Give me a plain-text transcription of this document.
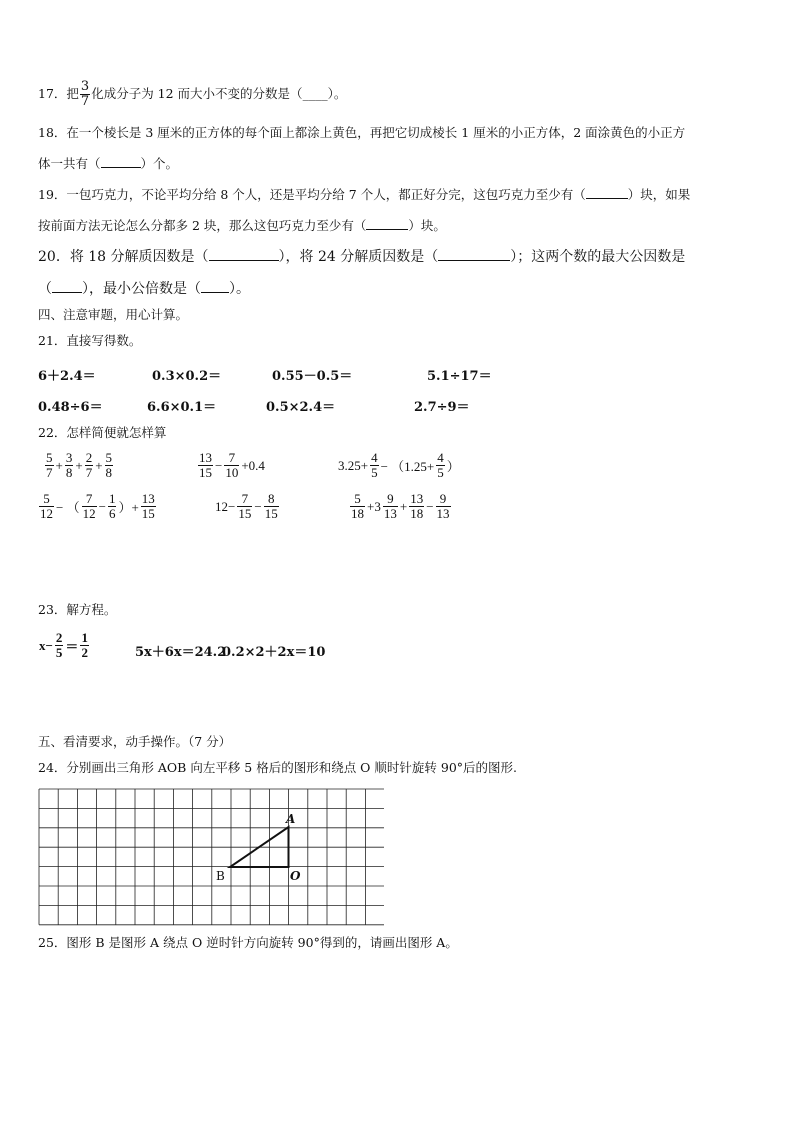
17．把 $\frac{3}{7}$ 化成分子为 12 而大小不变的分数是（____）。
18．在一个棱长是 3 厘米的正方体的每个面上都涂上黄色，再把它切成棱长 1 厘米的小正方体，2 面涂黄色的小正方
体一共有（	）个。
19．一包巧克力，不论平均分给 8 个人，还是平均分给 7 个人，都正好分完，这包巧克力至少有（	）块，如果
按前面方法无论怎么分都多 2 块，那么这包巧克力至少有（	）块。
20．将 18 分解质因数是（	），将 24 分解质因数是（	）；这两个数的最大公因数是
（ ），最小公倍数是（ ）。
四、注意审题，用心计算。
21．直接写得数。
6＋2.4＝	0.3×0.2＝	0.55－0.5＝	5.1÷17＝
0.48÷6＝	6.6×0.1＝	0.5×2.4＝	2.7÷9＝
22．怎样简便就怎样算
$\frac{5}{7} + \frac{3}{8} + \frac{2}{7} + \frac{5}{8}$	$\frac{13}{15} - \frac{7}{10} +0.4$	$3.25+ \frac{4}{5} - (1.25+ \frac{4}{5}$ ）
$\frac{5}{12}$ − （ $\frac{7}{12} - \frac{1}{6}$ ）+ $\frac{13}{15}$	$12- \frac{7}{15} - \frac{8}{15}$	$\frac{5}{18} +3 \frac{9}{13} + \frac{13}{18} - \frac{9}{13}$
23．解方程。
$x- \frac{2}{5} = \frac{1}{2}$	5x＋6x＝24.2
0.2×2＋2x＝10
五、看清要求，动手操作。（7 分）
24．分别画出三角形 AOB 向左平移 5 格后的图形和绕点 O 顺时针旋转 90°后的图形.
A
B	O
25．图形 B 是图形 A 绕点 O 逆时针方向旋转 90°得到的，请画出图形 A。
